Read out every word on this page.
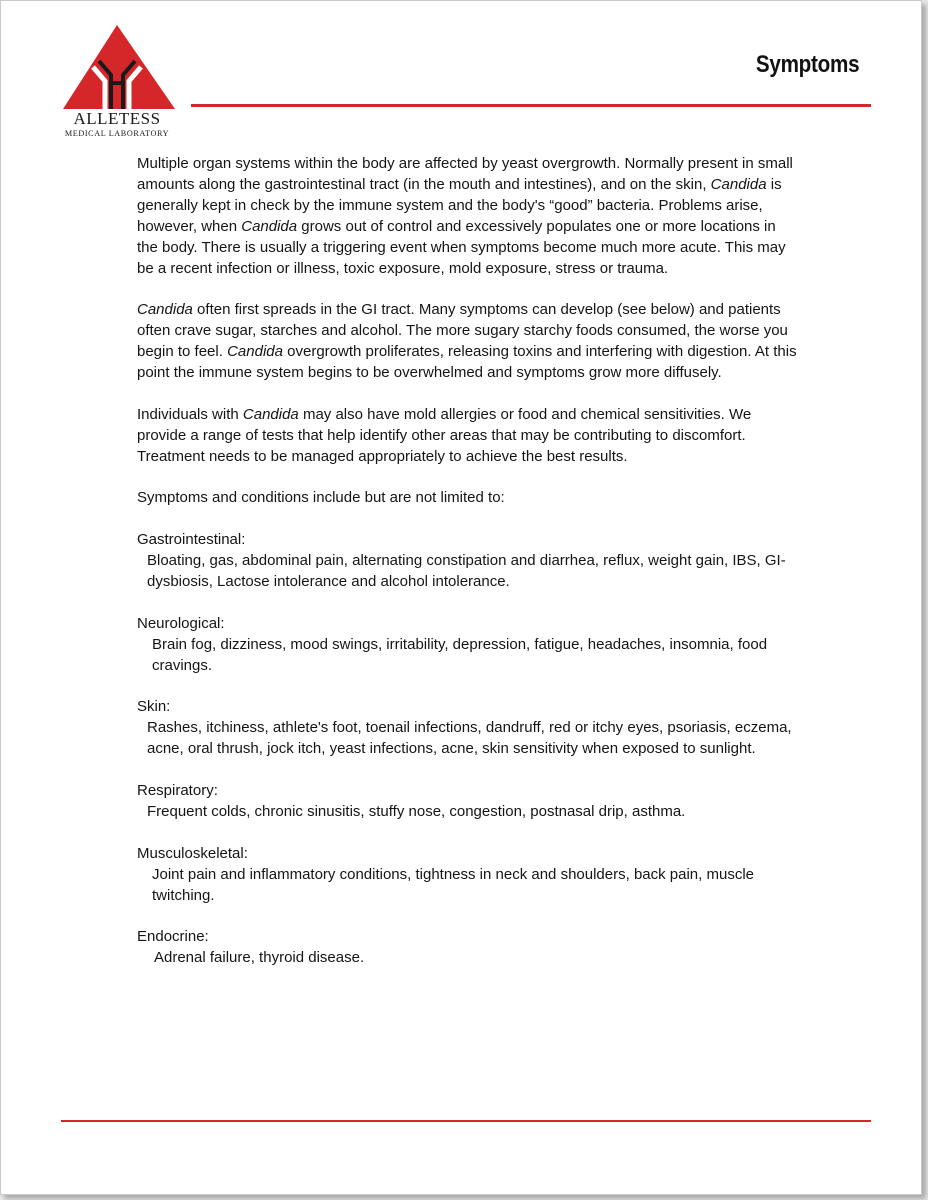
ALLETESS
MEDICAL LABORATORY
Symptoms

Multiple organ systems within the body are affected by yeast overgrowth. Normally present in small amounts along the gastrointestinal tract (in the mouth and intestines), and on the skin, Candida is generally kept in check by the immune system and the body's “good” bacteria. Problems arise, however, when Candida grows out of control and excessively populates one or more locations in the body. There is usually a triggering event when symptoms become much more acute. This may be a recent infection or illness, toxic exposure, mold exposure, stress or trauma.

Candida often first spreads in the GI tract. Many symptoms can develop (see below) and patients often crave sugar, starches and alcohol. The more sugary starchy foods consumed, the worse you begin to feel. Candida overgrowth proliferates, releasing toxins and interfering with digestion. At this point the immune system begins to be overwhelmed and symptoms grow more diffusely.

Individuals with Candida may also have mold allergies or food and chemical sensitivities. We provide a range of tests that help identify other areas that may be contributing to discomfort. Treatment needs to be managed appropriately to achieve the best results.

Symptoms and conditions include but are not limited to:

Gastrointestinal:
Bloating, gas, abdominal pain, alternating constipation and diarrhea, reflux, weight gain, IBS, GI-dysbiosis, Lactose intolerance and alcohol intolerance.
Neurological:
Brain fog, dizziness, mood swings, irritability, depression, fatigue, headaches, insomnia, food cravings.
Skin:
Rashes, itchiness, athlete's foot, toenail infections, dandruff, red or itchy eyes, psoriasis, eczema, acne, oral thrush, jock itch, yeast infections, acne, skin sensitivity when exposed to sunlight.
Respiratory:
Frequent colds, chronic sinusitis, stuffy nose, congestion, postnasal drip, asthma.
Musculoskeletal:
Joint pain and inflammatory conditions, tightness in neck and shoulders, back pain, muscle twitching.
Endocrine:
Adrenal failure, thyroid disease.
